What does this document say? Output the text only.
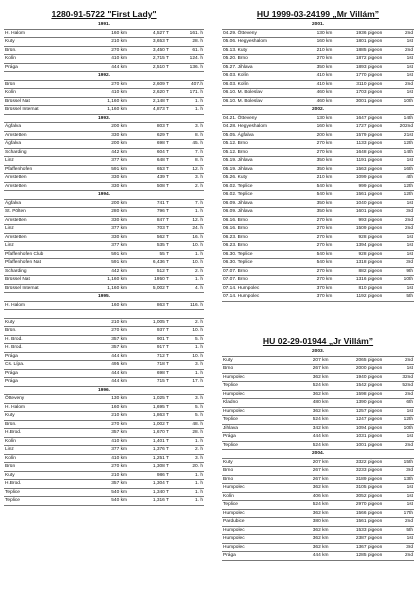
1280-91-5722 "First Lady"
1991.			
H. Halom	160 km	4,527 T	161. h
Kuty	210 km	3,653 T	28. h
Brün.	270 km	3,450 T	61. h
Kolín	410 km	2,715 T	124. h
Prága	444 km	2,510 T	136. h
1992.			
Brün	270 km	2,609 T	407.h
Kolín	410 km	2,620 T	171. h
Brüssel Nat	1,160 km	2,148 T	1. h
Brüssel Internat	1,160 km	4,873 T	1. h
1993.			
Ágfalva	200 km	803 T	3. h
Amstetten	330 km	629 T	8. h
Ágfalva	200 km	698 T	45. h
Scharding	442 km	604 T	7. h
Linz	377 km	648 T	8. h
Pfaffenhofen	591 km	653 T	12. h
Amstetten	330 km	439 T	3. h
Amstetten	330 km	508 T	2. h
1994.			
Ágfalva	200 km	741 T	7. h
St. Pölten	280 km	796 T	1. h
Amstetten	330 km	847 T	12. h
Linz	377 km	703 T	24. h
Amstetten	330 km	562 T	16. h
Linz	377 km	535 T	10. h
Pfaffenhofen Club	591 km	55 T	1. h
Pfaffenhofen Nat	591 km	6,436 T	10. h
Scharding	442 km	512 T	2. h
Brüssel Nat	1,160 km	1950 T	1. h
Brüssel Internat	1,160 km	5,002 T	4. h
1995.			
H. Halom	160 km	863 T	116. h

Kuty	210 km	1,005 T	2. h
Brün.	270 km	937 T	10. h
H. Brod.	357 km	901 T	5. h
H. Brod.	357 km	917 T	1. h
Prága	444 km	712 T	10. h
Cs. Lípa.	495 km	718 T	3. h
Prága	444 km	698 T	1. h
Prága	444 km	715 T	17. h
1996.			
Ötteveny	130 km	1,025 T	3. h
H. Halom	160 km	1,695 T	5. h
Kuty	210 km	1,863 T	5. h
Brün.	270 km	1,002 T	48. h
H.Brod.	357 km	1,670 T	28. h
Kolín	410 km	1,401 T	1. h
Linz	377 km	1,376 T	2. h
Kolín	410 km	1,251 T	3. h
Brün	270 km	1,308 T	20. h
Kuty	210 km	986 T	1. h
H.Brod.	357 km	1,304 T	1. h
Teplice	540 km	1,340 T	1. h
Teplice	540 km	1,316 T	1. h
HU 1999-03-24199 „Mr Villám”
2001.			
04.29. Ötteveny	130 km	1936 pigeon	2nd
05.06. Hegyeshalom	160 km	1801 pigeon	1st
05.13. Kuty	210 km	1885 pigeon	2nd
05.20. Brno	270 km	1872 pigeon	1st
05.27. Jihlava	350 km	1893 pigeon	1st
06.03. Kolín	410 km	1770 pigeon	1st
06.03. Kolín	410 km	3110 pigeon	2nd
06.10. M. Boleslav	460 km	1703 pigeon	1st
06.10. M. Boleslav	460 km	3001 pigeon	10th
2002.			
04.21. Ötteveny	130 km	1647 pigeon	14th
04.28. Hegyeshalom	160 km	1727 pigeon	202nd
05.05. Ágfalva	200 km	1579 pigeon	21st
05.12. Brno	270 km	1133 pigeon	12th
05.12. Brno	270 km	1648 pigeon	14th
05.19. Jihlava	350 km	1191 pigeon	1st
05.19. Jihlava	350 km	1563 pigeon	16th
05.26. Kuty	210 km	1099 pigeon	4th
06.02. Teplice	540 km	999 pigeon	12th
06.02. Teplice	540 km	1561 pigeon	12th
06.09. Jihlava	350 km	1040 pigeon	1st
06.09. Jihlava	350 km	1601 pigeon	3rd
06.16. Brno	270 km	993 pigeon	2nd
06.16. Brno	270 km	1509 pigeon	2nd
06.23. Brno	270 km	928 pigeon	1st
06.23. Brno	270 km	1394 pigeon	1st
06.30. Teplice	540 km	928 pigeon	1st
06.30. Teplice	540 km	1318 pigeon	3rd
07.07. Brno	270 km	882 pigeon	9th
07.07. Brno	270 km	1316 pigeon	10th
07.14. Humpolec	370 km	810 pigeon	1st
07.14. Humpolec	370 km	1192 pigeon	5th
HU 02-29-01944 „Jr Villám”
2003.			
Kuty	207 km	2065 pigeon	2nd
Brno	267 km	2000 pigeon	1st
Humpolec	362 km	1940 pigeon	32nd
Teplice	524 km	1542 pigeon	52nd
Humpolec	362 km	1598 pigeon	2nd
Kladno	480 km	1390 pigeon	6th
Humpolec	362 km	1257 pigeon	1st
Teplice	524 km	1247 pigeon	12th
Jihlava	342 km	1094 pigeon	10th
Prága	444 km	1031 pigeon	1st
Teplice	524 km	1001 pigeon	2nd
2004.			
Kuty	207 km	3322 pigeon	15th
Brno	267 km	3233 pigeon	3rd
Brno	267 km	3189 pigeon	13th
Humpolec	362 km	3105 pigeon	1st
Kolín	406 km	3052 pigeon	1st
Teplice	524 km	2970 pigeon	1st
Humpolec	362 km	1566 pigeon	17th
Pardubice	380 km	1561 pigeon	2nd
Humpolec	362 km	1533 pigeon	5th
Humpolec	362 km	2387 pigeon	1st
Humpolec	362 km	1367 pigeon	3rd
Prága	444 km	1285 pigeon	2nd
